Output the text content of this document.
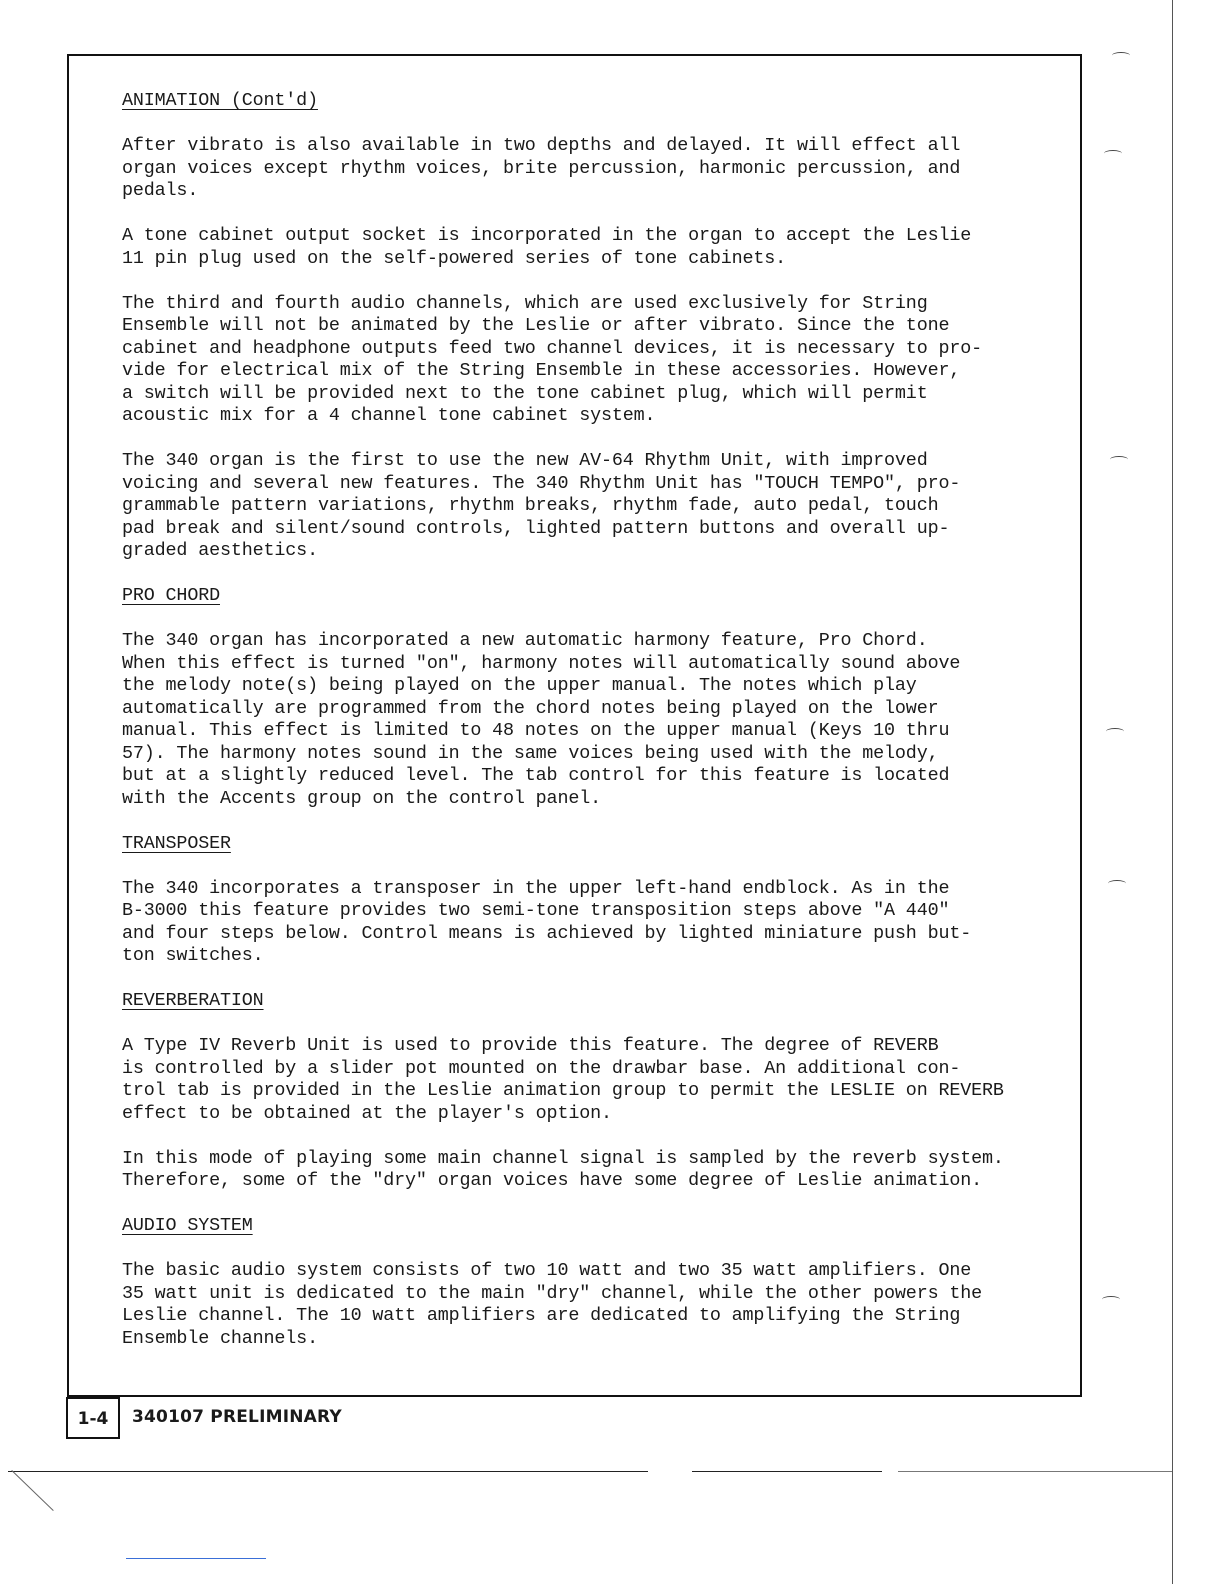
ANIMATION (Cont'd)

After vibrato is also available in two depths and delayed. It will effect all
organ voices except rhythm voices, brite percussion, harmonic percussion, and
pedals.

A tone cabinet output socket is incorporated in the organ to accept the Leslie
11 pin plug used on the self-powered series of tone cabinets.

The third and fourth audio channels, which are used exclusively for String
Ensemble will not be animated by the Leslie or after vibrato. Since the tone
cabinet and headphone outputs feed two channel devices, it is necessary to pro-
vide for electrical mix of the String Ensemble in these accessories. However,
a switch will be provided next to the tone cabinet plug, which will permit
acoustic mix for a 4 channel tone cabinet system.

The 340 organ is the first to use the new AV-64 Rhythm Unit, with improved
voicing and several new features. The 340 Rhythm Unit has "TOUCH TEMPO", pro-
grammable pattern variations, rhythm breaks, rhythm fade, auto pedal, touch
pad break and silent/sound controls, lighted pattern buttons and overall up-
graded aesthetics.

PRO CHORD

The 340 organ has incorporated a new automatic harmony feature, Pro Chord.
When this effect is turned "on", harmony notes will automatically sound above
the melody note(s) being played on the upper manual. The notes which play
automatically are programmed from the chord notes being played on the lower
manual. This effect is limited to 48 notes on the upper manual (Keys 10 thru
57). The harmony notes sound in the same voices being used with the melody,
but at a slightly reduced level. The tab control for this feature is located
with the Accents group on the control panel.

TRANSPOSER

The 340 incorporates a transposer in the upper left-hand endblock. As in the
B-3000 this feature provides two semi-tone transposition steps above "A 440"
and four steps below. Control means is achieved by lighted miniature push but-
ton switches.

REVERBERATION

A Type IV Reverb Unit is used to provide this feature. The degree of REVERB
is controlled by a slider pot mounted on the drawbar base. An additional con-
trol tab is provided in the Leslie animation group to permit the LESLIE on REVERB
effect to be obtained at the player's option.

In this mode of playing some main channel signal is sampled by the reverb system.
Therefore, some of the "dry" organ voices have some degree of Leslie animation.

AUDIO SYSTEM

The basic audio system consists of two 10 watt and two 35 watt amplifiers. One
35 watt unit is dedicated to the main "dry" channel, while the other powers the
Leslie channel. The 10 watt amplifiers are dedicated to amplifying the String
Ensemble channels.

1-4	340107 PRELIMINARY
